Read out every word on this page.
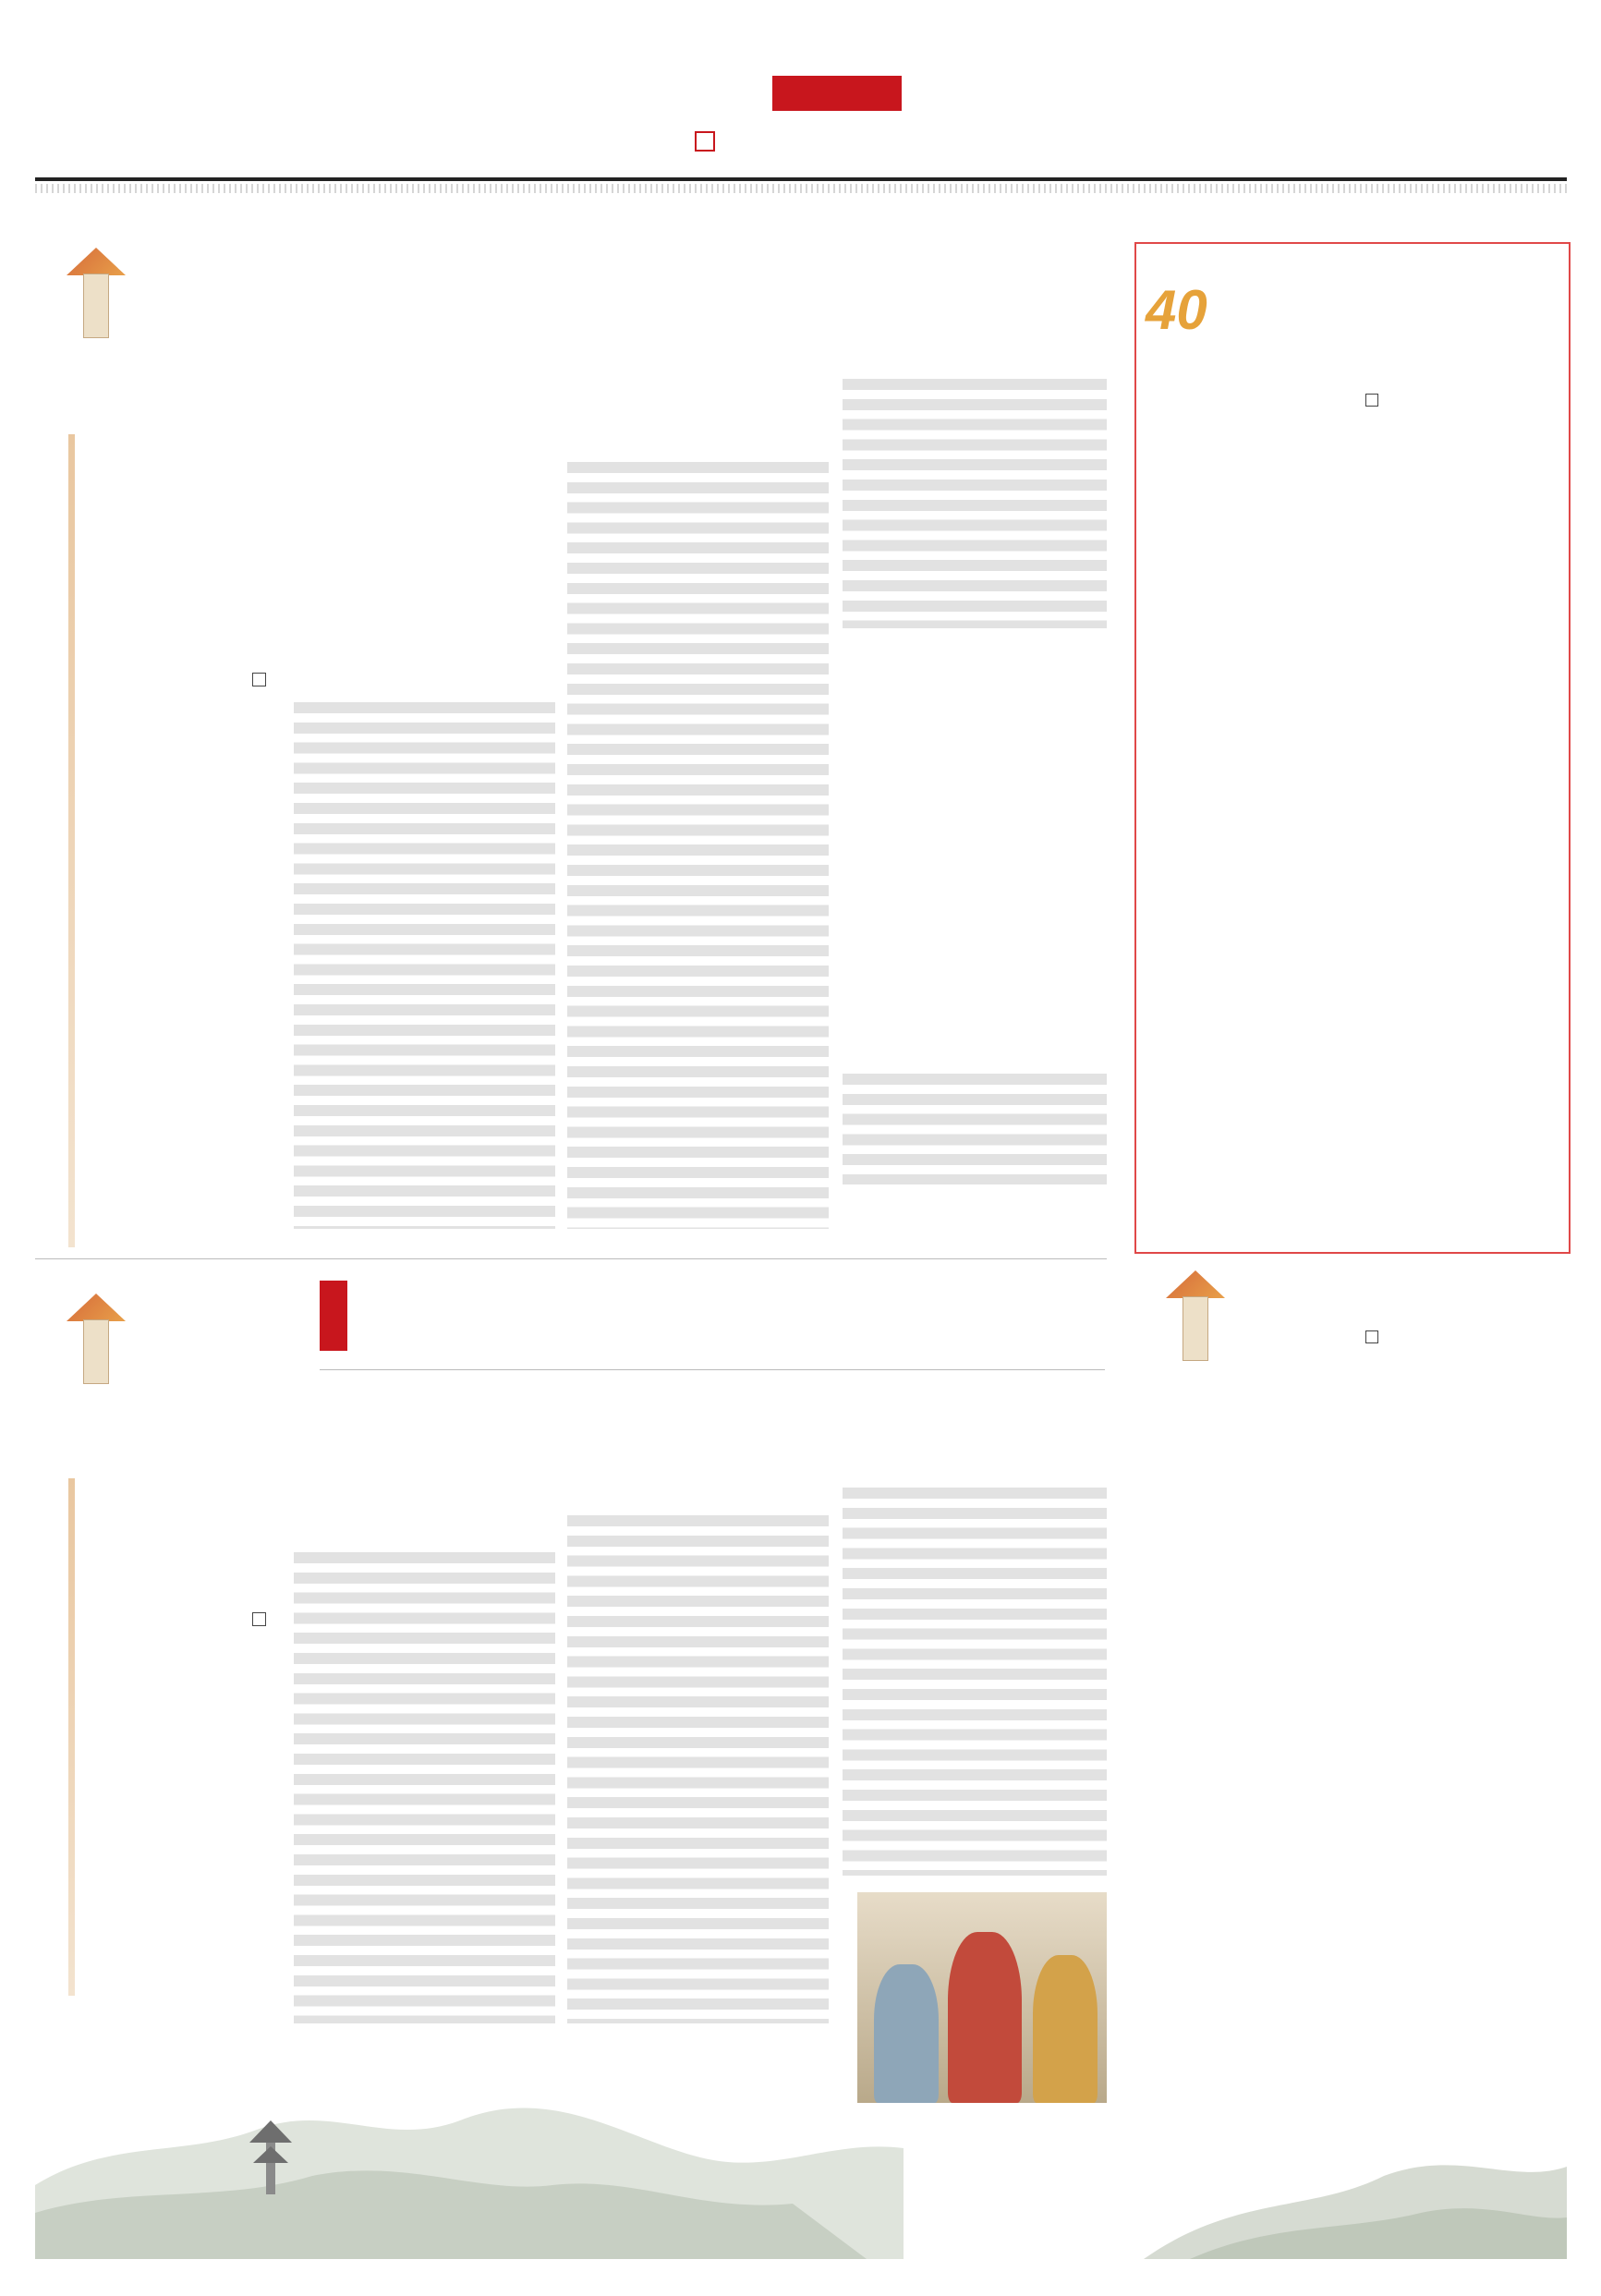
40
